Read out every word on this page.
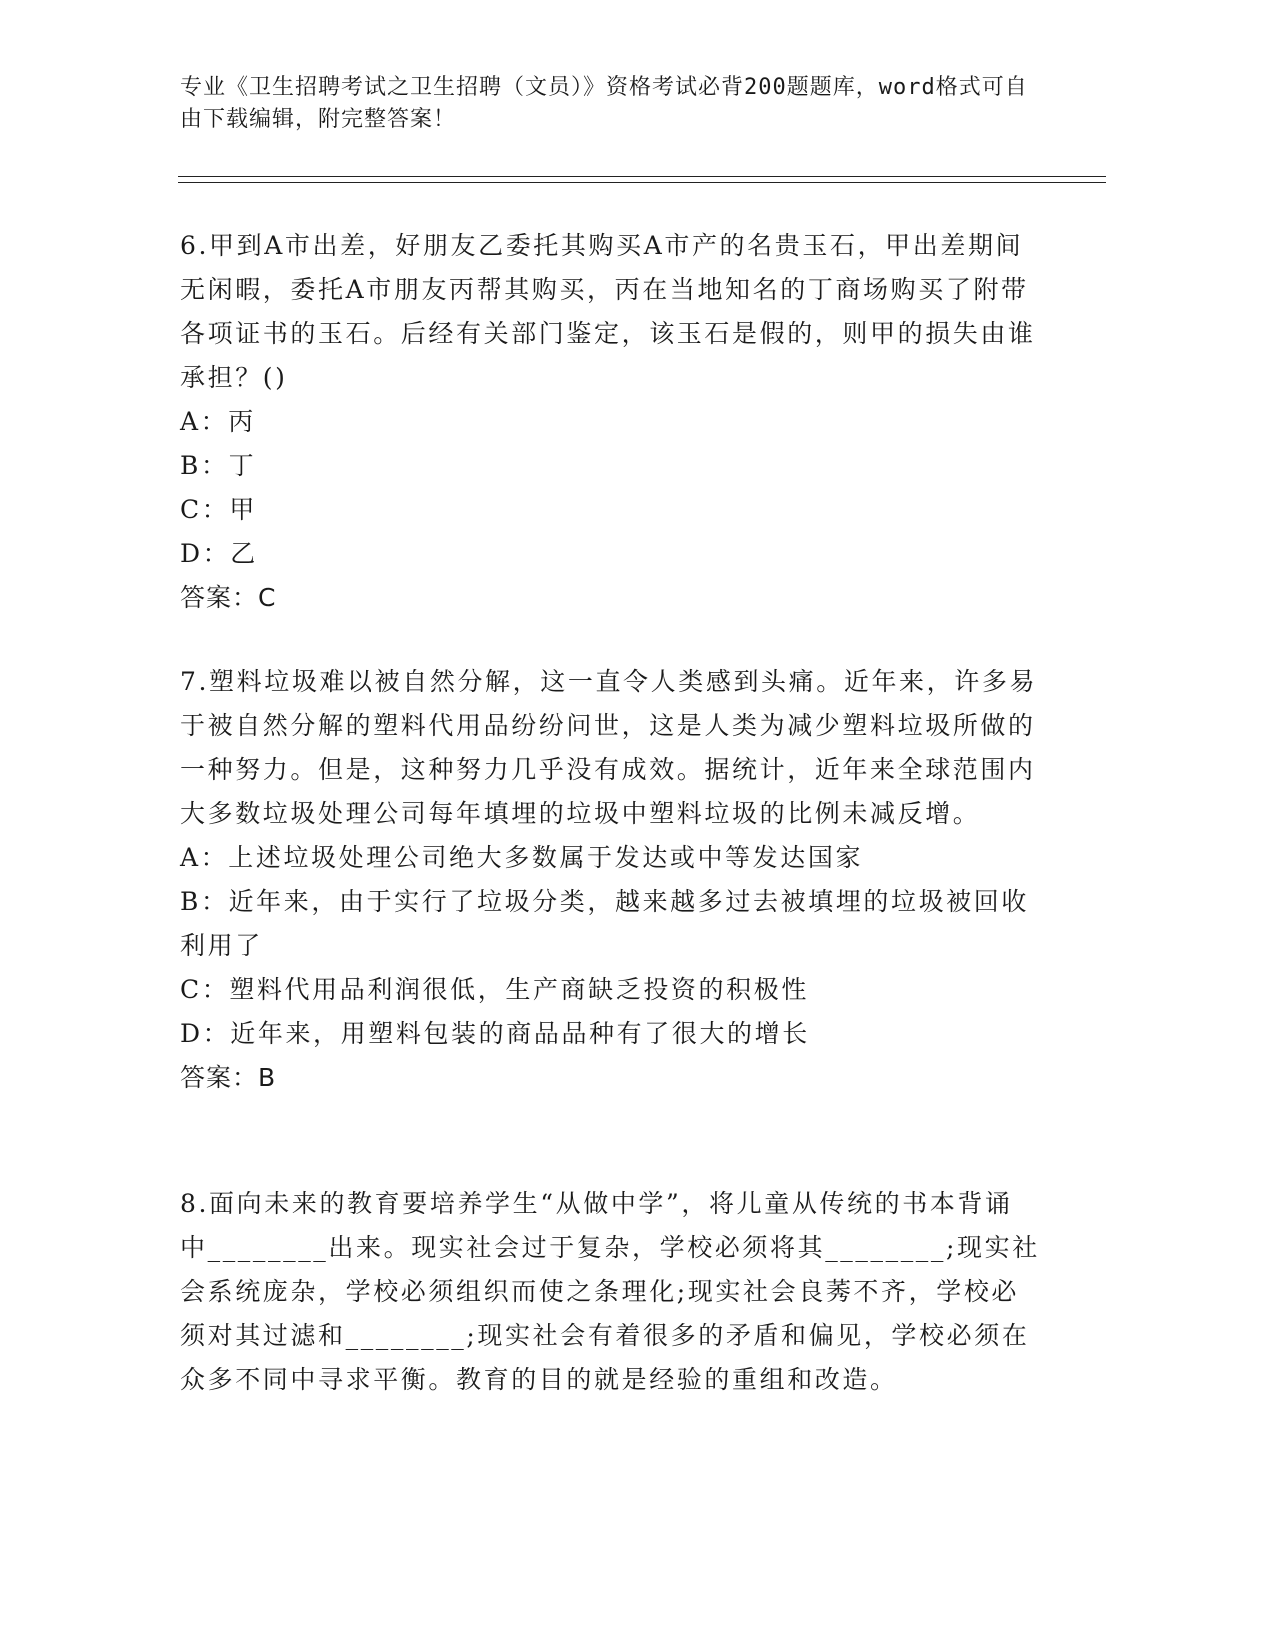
专业《卫生招聘考试之卫生招聘（文员）》资格考试必背200题题库，word格式可自由下载编辑，附完整答案！

6.甲到A市出差，好朋友乙委托其购买A市产的名贵玉石，甲出差期间无闲暇，委托A市朋友丙帮其购买，丙在当地知名的丁商场购买了附带各项证书的玉石。后经有关部门鉴定，该玉石是假的，则甲的损失由谁承担？()

A：丙

B：丁

C：甲

D：乙

答案：C

7.塑料垃圾难以被自然分解，这一直令人类感到头痛。近年来，许多易于被自然分解的塑料代用品纷纷问世，这是人类为减少塑料垃圾所做的一种努力。但是，这种努力几乎没有成效。据统计，近年来全球范围内大多数垃圾处理公司每年填埋的垃圾中塑料垃圾的比例未减反增。

A：上述垃圾处理公司绝大多数属于发达或中等发达国家

B：近年来，由于实行了垃圾分类，越来越多过去被填埋的垃圾被回收利用了

C：塑料代用品利润很低，生产商缺乏投资的积极性

D：近年来，用塑料包装的商品品种有了很大的增长

答案：B

8.面向未来的教育要培养学生“从做中学”，将儿童从传统的书本背诵中________出来。现实社会过于复杂，学校必须将其________;现实社会系统庞杂，学校必须组织而使之条理化;现实社会良莠不齐，学校必须对其过滤和________;现实社会有着很多的矛盾和偏见，学校必须在众多不同中寻求平衡。教育的目的就是经验的重组和改造。
